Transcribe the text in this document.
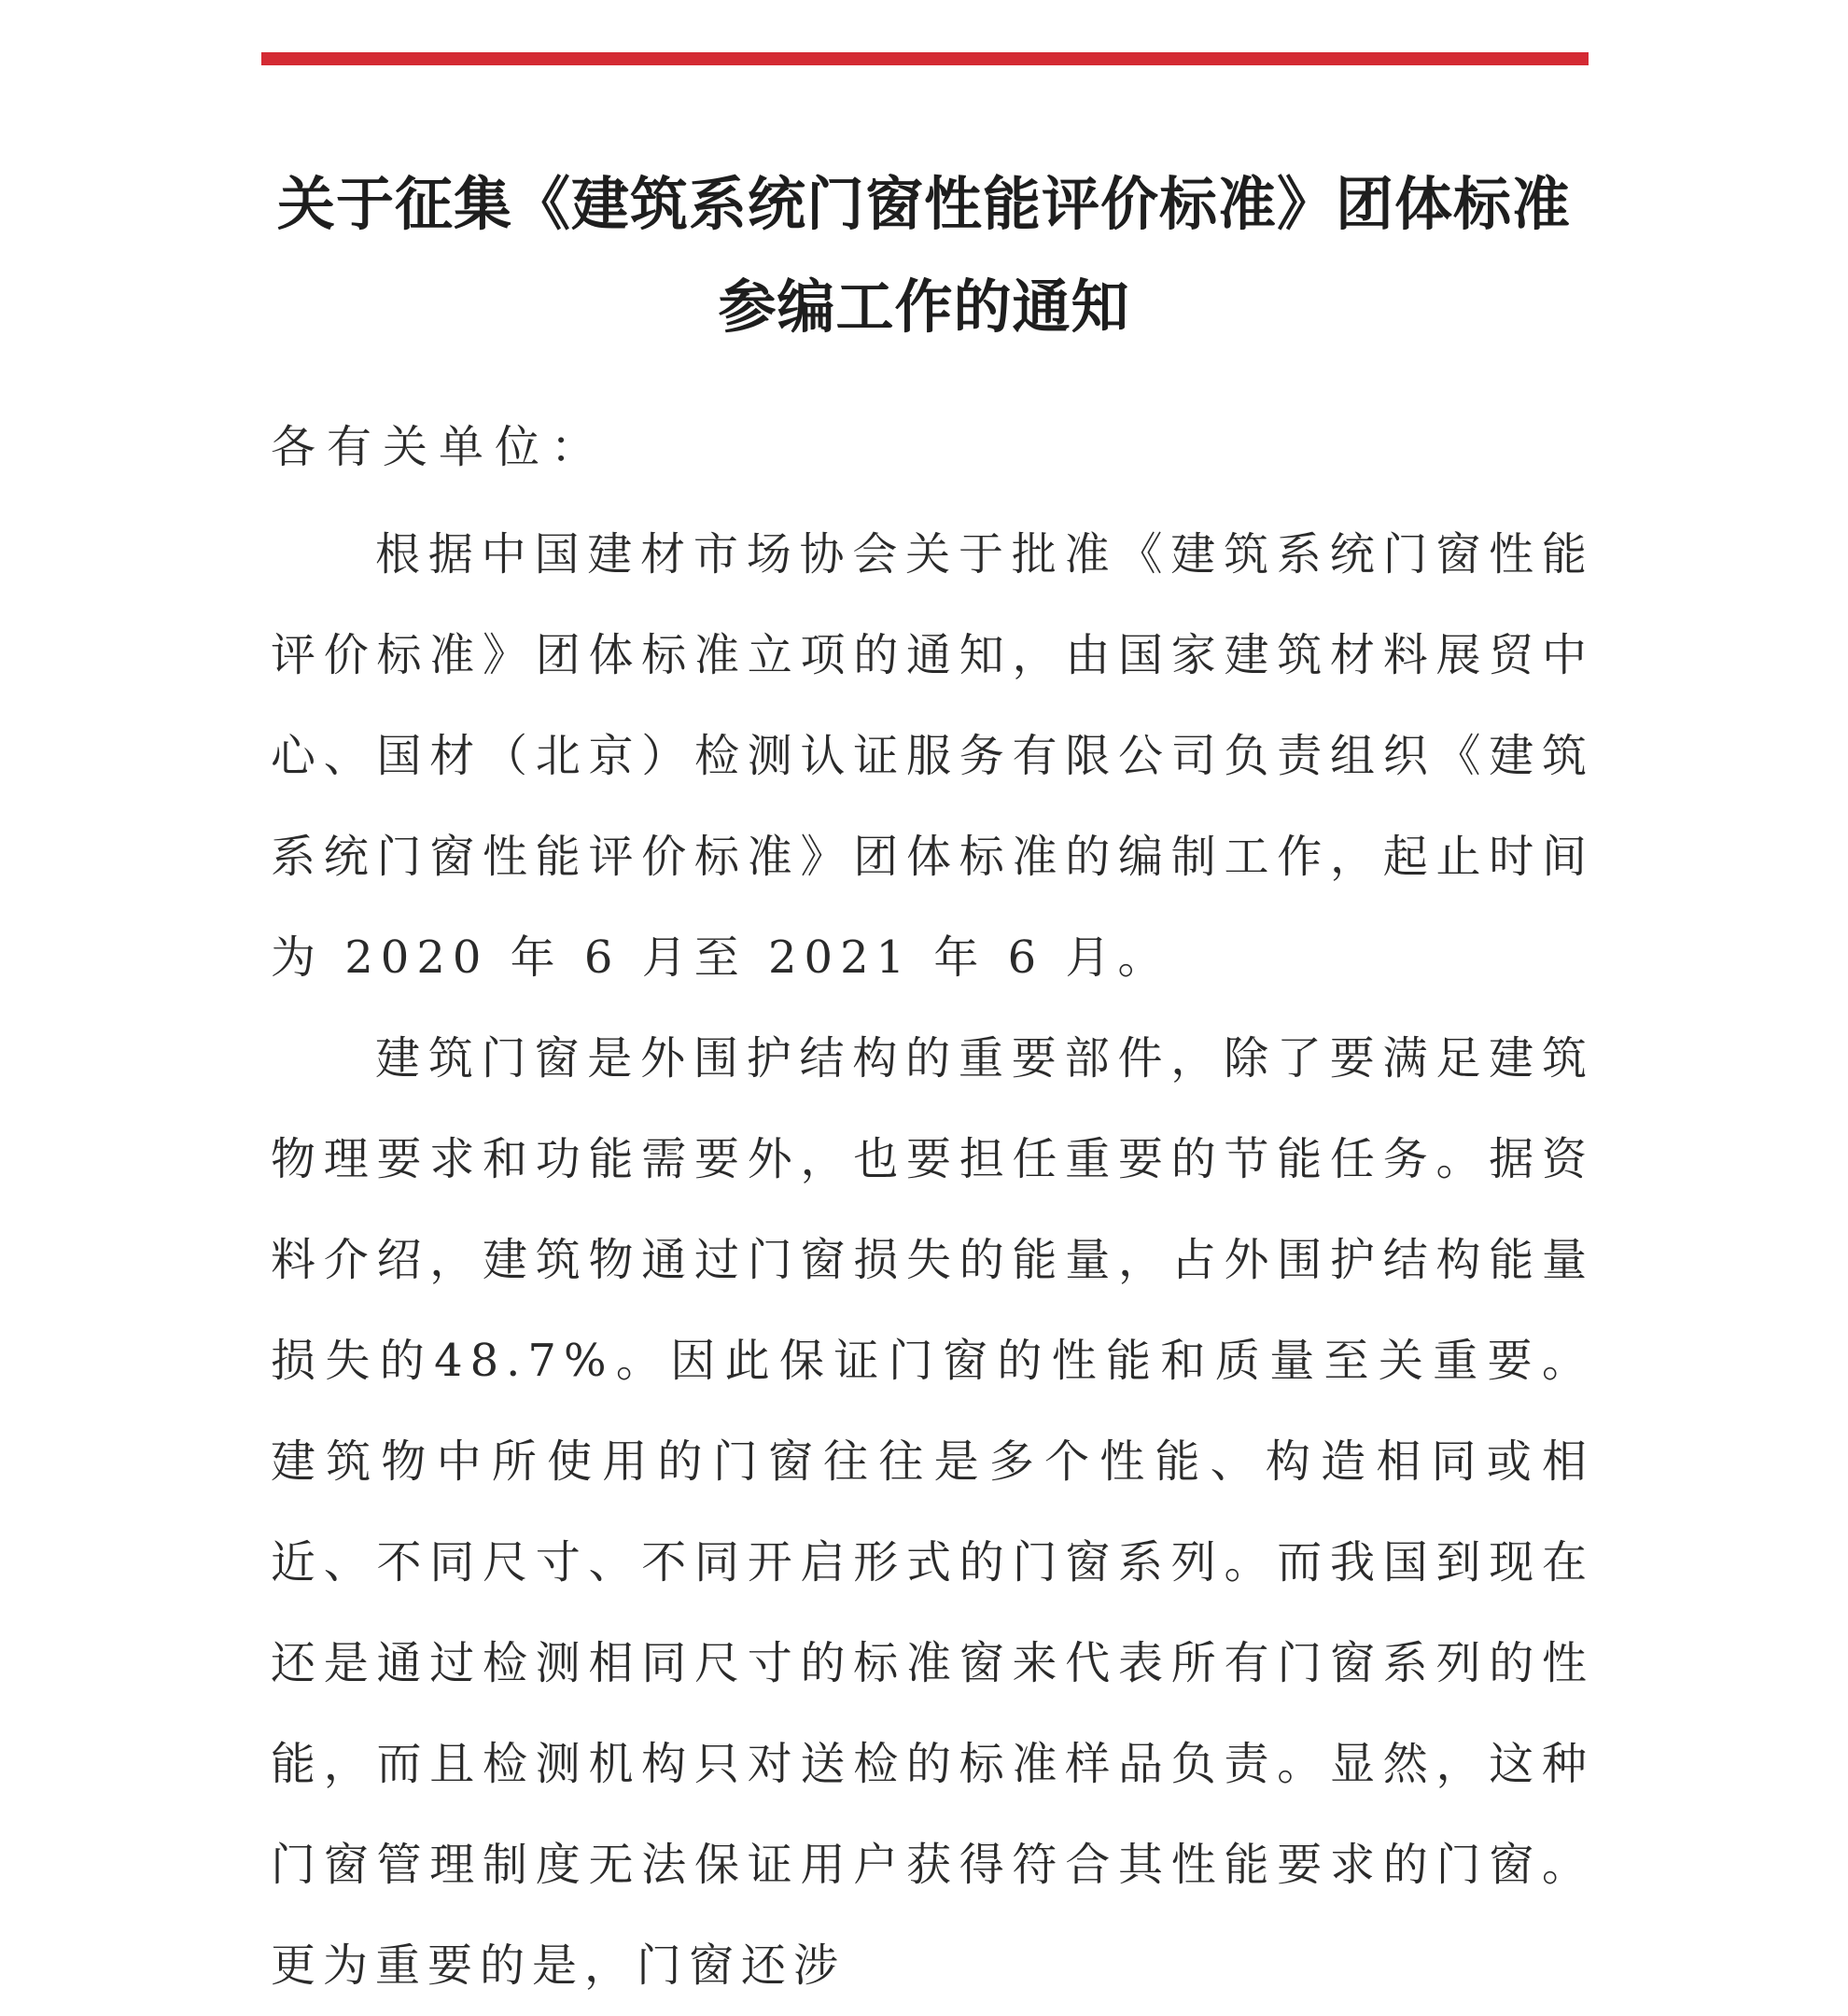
关于征集《建筑系统门窗性能评价标准》团体标准
参编工作的通知
各有关单位：

根据中国建材市场协会关于批准《建筑系统门窗性能评价标准》团体标准立项的通知，由国家建筑材料展贸中心、国材（北京）检测认证服务有限公司负责组织《建筑系统门窗性能评价标准》团体标准的编制工作，起止时间为 2020 年 6 月至 2021 年 6 月。

建筑门窗是外围护结构的重要部件，除了要满足建筑物理要求和功能需要外，也要担任重要的节能任务。据资料介绍，建筑物通过门窗损失的能量，占外围护结构能量损失的48.7%。因此保证门窗的性能和质量至关重要。建筑物中所使用的门窗往往是多个性能、构造相同或相近、不同尺寸、不同开启形式的门窗系列。而我国到现在还是通过检测相同尺寸的标准窗来代表所有门窗系列的性能，而且检测机构只对送检的标准样品负责。显然，这种门窗管理制度无法保证用户获得符合其性能要求的门窗。更为重要的是，门窗还涉
